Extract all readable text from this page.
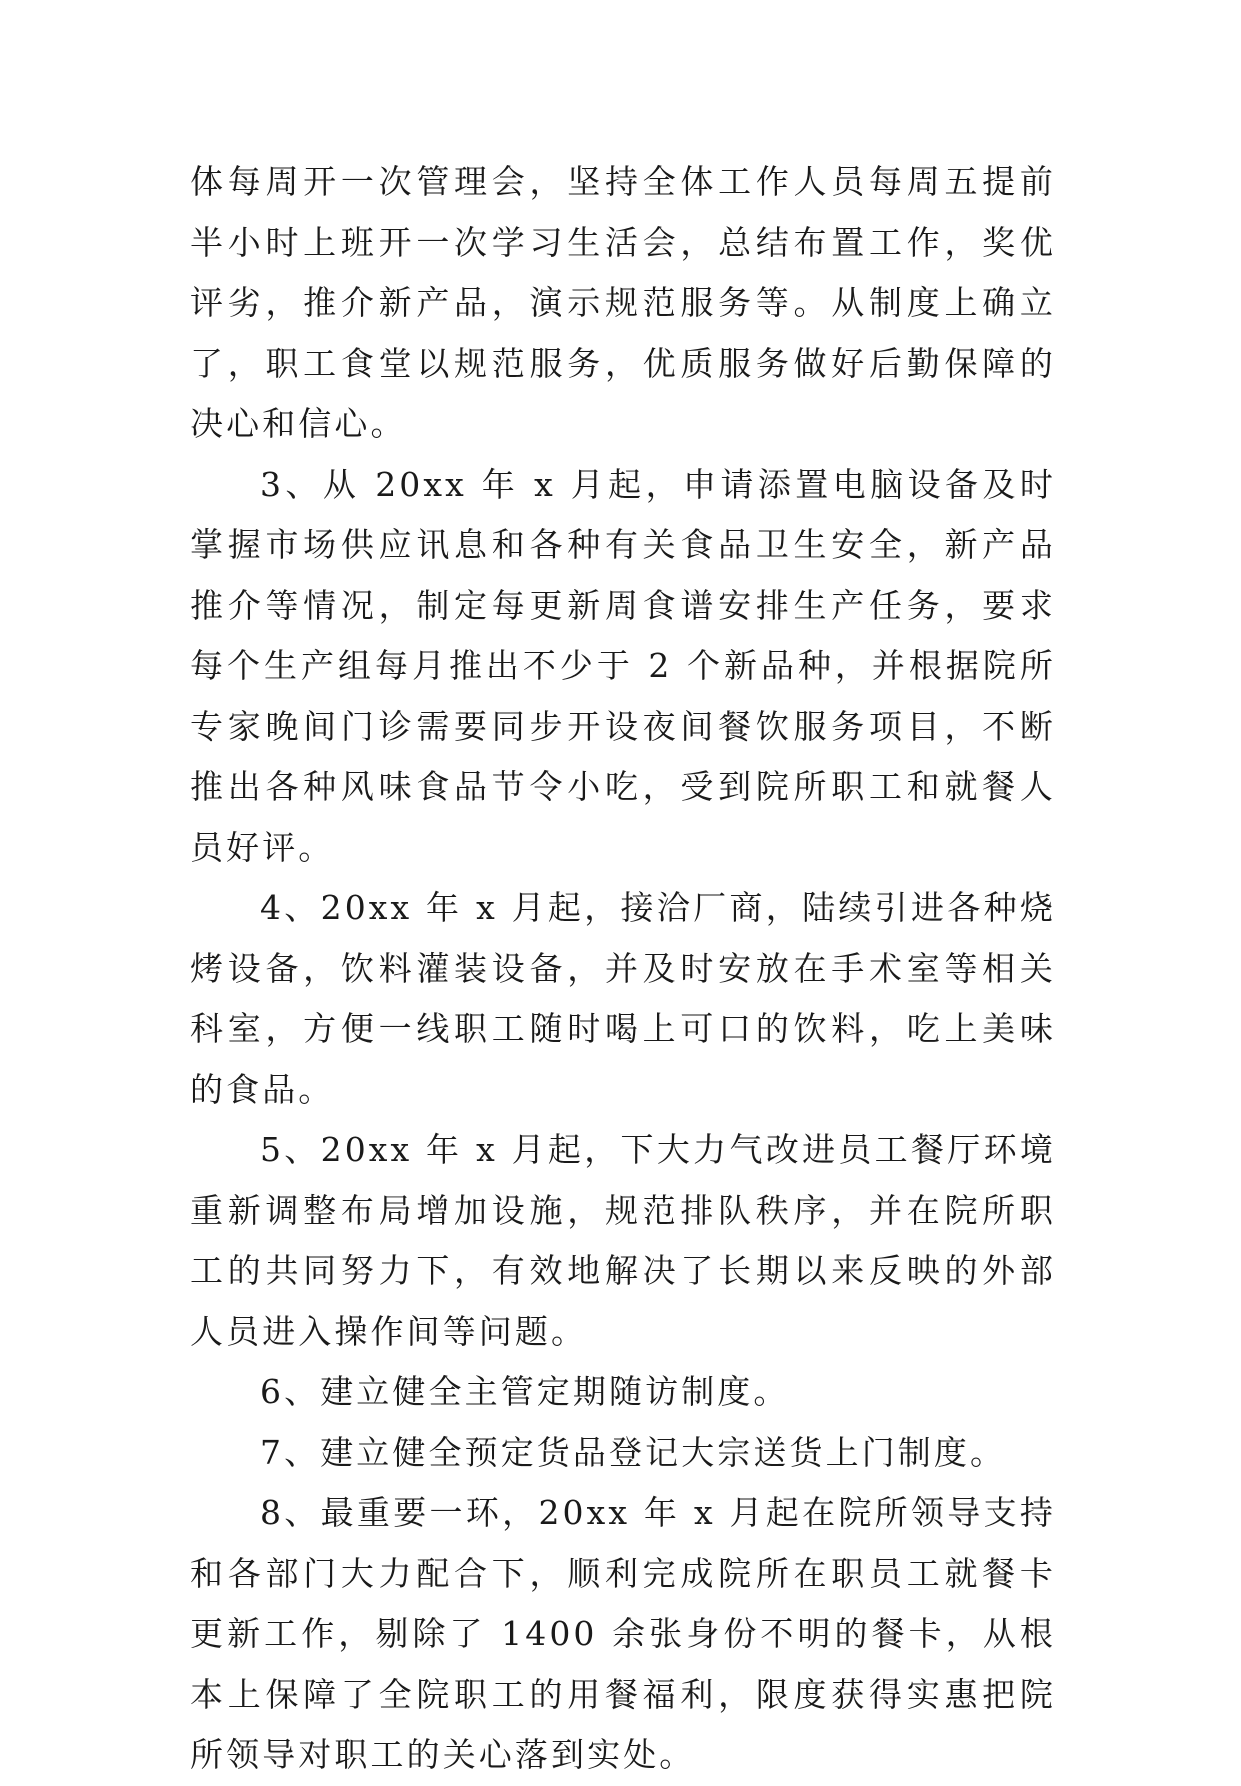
体每周开一次管理会，坚持全体工作人员每周五提前半小时上班开一次学习生活会，总结布置工作，奖优评劣，推介新产品，演示规范服务等。从制度上确立了，职工食堂以规范服务，优质服务做好后勤保障的决心和信心。

3、从 20xx 年 x 月起，申请添置电脑设备及时掌握市场供应讯息和各种有关食品卫生安全，新产品推介等情况，制定每更新周食谱安排生产任务，要求每个生产组每月推出不少于 2 个新品种，并根据院所专家晚间门诊需要同步开设夜间餐饮服务项目，不断推出各种风味食品节令小吃，受到院所职工和就餐人员好评。

4、20xx 年 x 月起，接洽厂商，陆续引进各种烧烤设备，饮料灌装设备，并及时安放在手术室等相关科室，方便一线职工随时喝上可口的饮料，吃上美味的食品。

5、20xx 年 x 月起，下大力气改进员工餐厅环境重新调整布局增加设施，规范排队秩序，并在院所职工的共同努力下，有效地解决了长期以来反映的外部人员进入操作间等问题。

6、建立健全主管定期随访制度。

7、建立健全预定货品登记大宗送货上门制度。

8、最重要一环，20xx 年 x 月起在院所领导支持和各部门大力配合下，顺利完成院所在职员工就餐卡更新工作，剔除了 1400 余张身份不明的餐卡，从根本上保障了全院职工的用餐福利，限度获得实惠把院所领导对职工的关心落到实处。
